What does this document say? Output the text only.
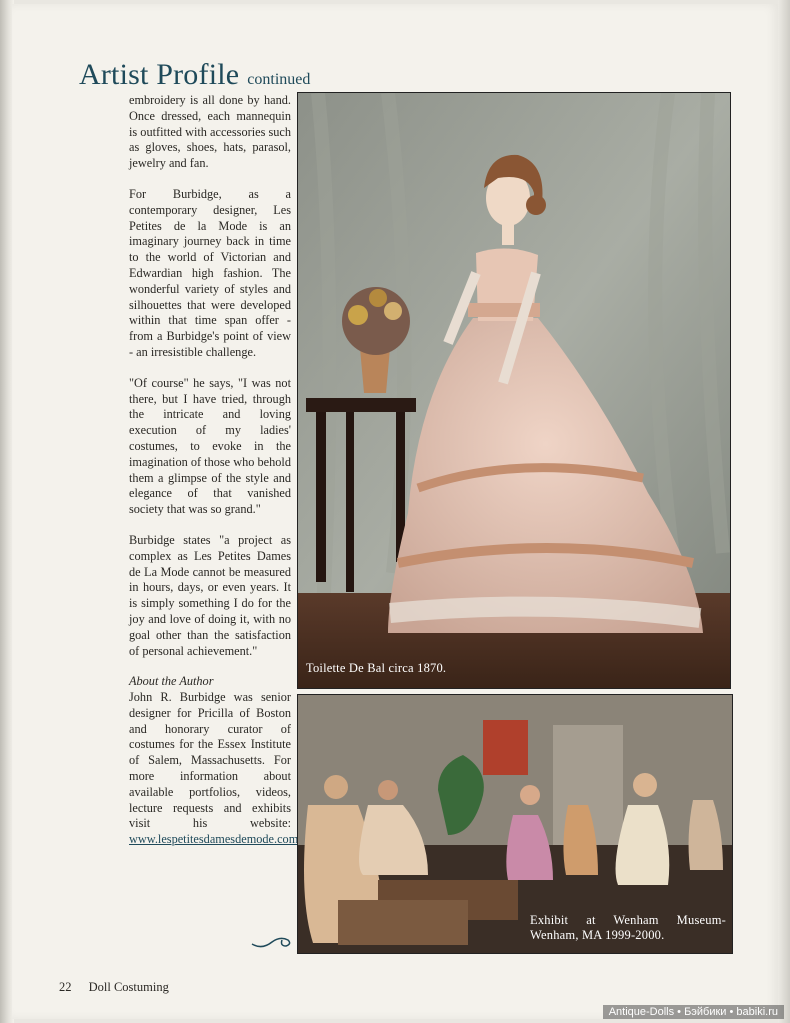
Artist Profile continued

embroidery is all done by hand. Once dressed, each mannequin is outfitted with accessories such as gloves, shoes, hats, parasol, jewelry and fan.

For Burbidge, as a contemporary designer, Les Petites de la Mode is an imaginary journey back in time to the world of Victorian and Edwardian high fashion. The wonderful variety of styles and silhouettes that were developed within that time span offer - from a Burbidge's point of view - an irresistible challenge.

"Of course" he says, "I was not there, but I have tried, through the intricate and loving execution of my ladies' costumes, to evoke in the imagination of those who behold them a glimpse of the style and elegance of that vanished society that was so grand."

Burbidge states "a project as complex as Les Petites Dames de La Mode cannot be measured in hours, days, or even years. It is simply something I do for the joy and love of doing it, with no goal other than the satisfaction of personal achievement."

About the Author
John R. Burbidge was senior designer for Pricilla of Boston and honorary curator of costumes for the Essex Institute of Salem, Massachusetts. For more information about available portfolios, videos, lecture requests and exhibits visit his website: www.lespetitesdamesdemode.com
Toilette De Bal circa 1870.
Exhibit at Wenham Museum-Wenham, MA 1999-2000.
22 Doll Costuming
Antique-Dolls • Бэйбики • babiki.ru
